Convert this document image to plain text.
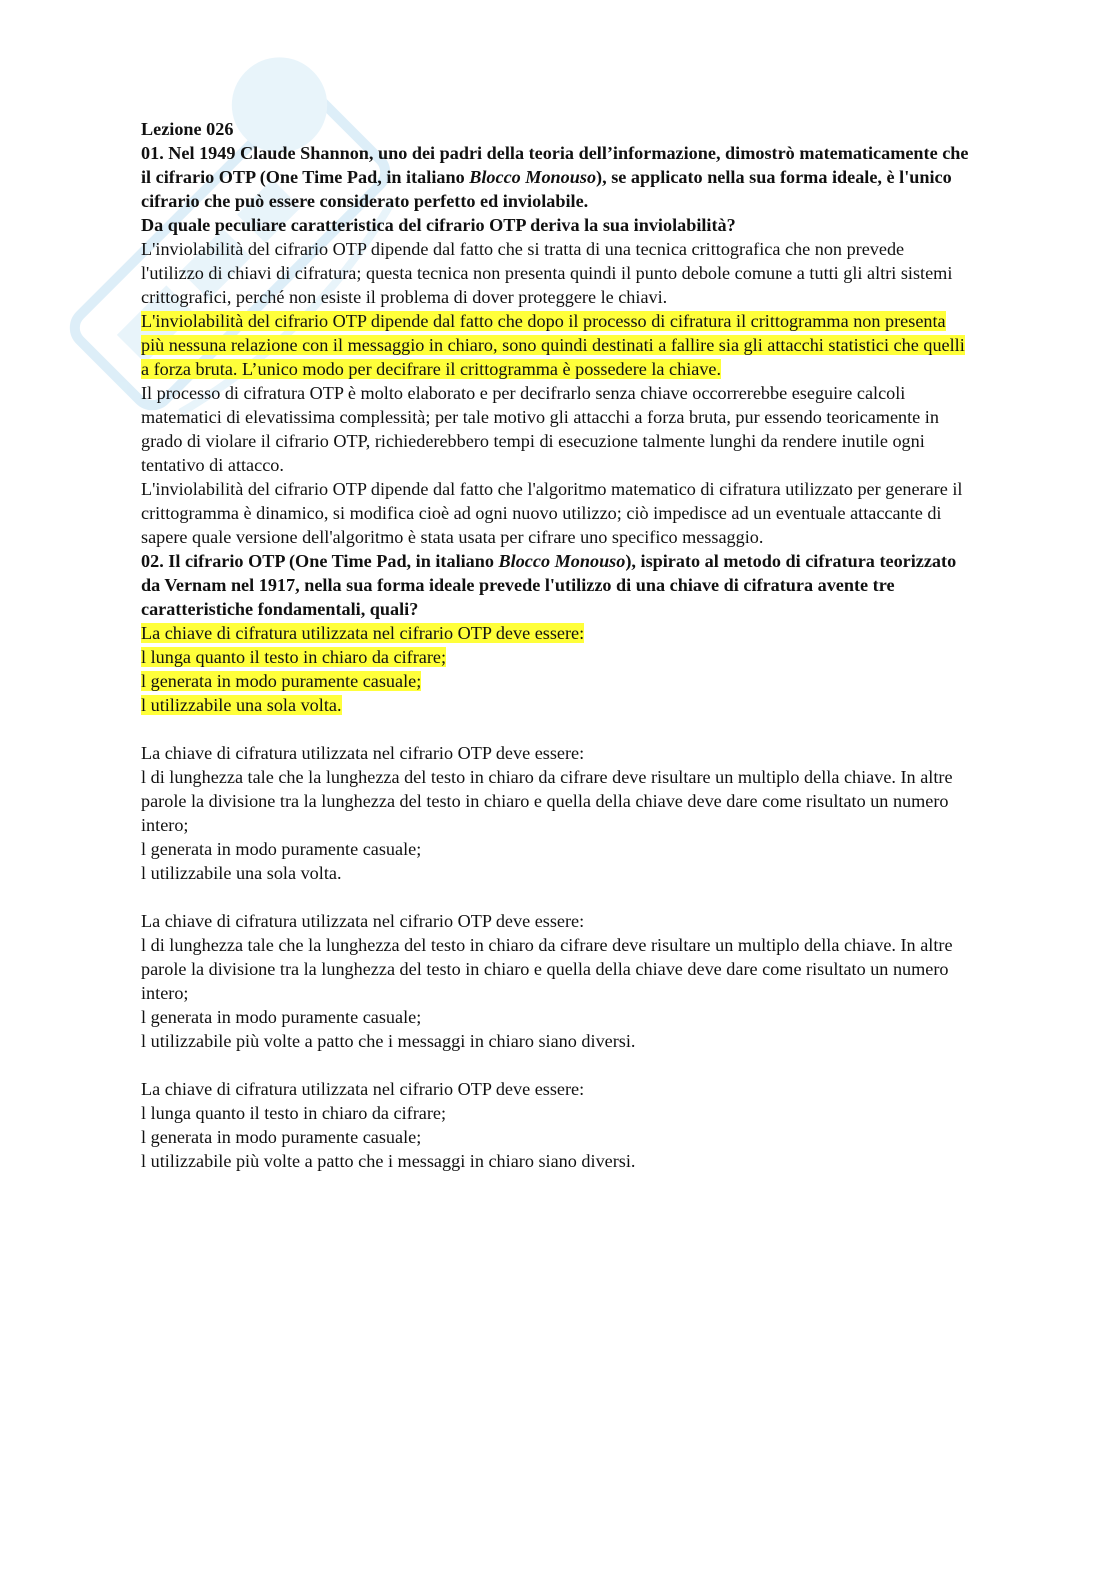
Lezione 026

01. Nel 1949 Claude Shannon, uno dei padri della teoria dell’informazione, dimostrò matematicamente che il cifrario OTP (One Time Pad, in italiano Blocco Monouso), se applicato nella sua forma ideale, è l'unico cifrario che può essere considerato perfetto ed inviolabile.

Da quale peculiare caratteristica del cifrario OTP deriva la sua inviolabilità?

L'inviolabilità del cifrario OTP dipende dal fatto che si tratta di una tecnica crittografica che non prevede l'utilizzo di chiavi di cifratura; questa tecnica non presenta quindi il punto debole comune a tutti gli altri sistemi crittografici, perché non esiste il problema di dover proteggere le chiavi.

L'inviolabilità del cifrario OTP dipende dal fatto che dopo il processo di cifratura il crittogramma non presenta più nessuna relazione con il messaggio in chiaro, sono quindi destinati a fallire sia gli attacchi statistici che quelli a forza bruta. L’unico modo per decifrare il crittogramma è possedere la chiave.

Il processo di cifratura OTP è molto elaborato e per decifrarlo senza chiave occorrerebbe eseguire calcoli matematici di elevatissima complessità; per tale motivo gli attacchi a forza bruta, pur essendo teoricamente in grado di violare il cifrario OTP, richiederebbero tempi di esecuzione talmente lunghi da rendere inutile ogni tentativo di attacco.

L'inviolabilità del cifrario OTP dipende dal fatto che l'algoritmo matematico di cifratura utilizzato per generare il crittogramma è dinamico, si modifica cioè ad ogni nuovo utilizzo; ciò impedisce ad un eventuale attaccante di sapere quale versione dell'algoritmo è stata usata per cifrare uno specifico messaggio.

02. Il cifrario OTP (One Time Pad, in italiano Blocco Monouso), ispirato al metodo di cifratura teorizzato da Vernam nel 1917, nella sua forma ideale prevede l'utilizzo di una chiave di cifratura avente tre caratteristiche fondamentali, quali?

La chiave di cifratura utilizzata nel cifrario OTP deve essere:

l lunga quanto il testo in chiaro da cifrare;

l generata in modo puramente casuale;

l utilizzabile una sola volta.

La chiave di cifratura utilizzata nel cifrario OTP deve essere:

l di lunghezza tale che la lunghezza del testo in chiaro da cifrare deve risultare un multiplo della chiave. In altre parole la divisione tra la lunghezza del testo in chiaro e quella della chiave deve dare come risultato un numero intero;

l generata in modo puramente casuale;

l utilizzabile una sola volta.

La chiave di cifratura utilizzata nel cifrario OTP deve essere:

l di lunghezza tale che la lunghezza del testo in chiaro da cifrare deve risultare un multiplo della chiave. In altre parole la divisione tra la lunghezza del testo in chiaro e quella della chiave deve dare come risultato un numero intero;

l generata in modo puramente casuale;

l utilizzabile più volte a patto che i messaggi in chiaro siano diversi.

La chiave di cifratura utilizzata nel cifrario OTP deve essere:

l lunga quanto il testo in chiaro da cifrare;

l generata in modo puramente casuale;

l utilizzabile più volte a patto che i messaggi in chiaro siano diversi.
